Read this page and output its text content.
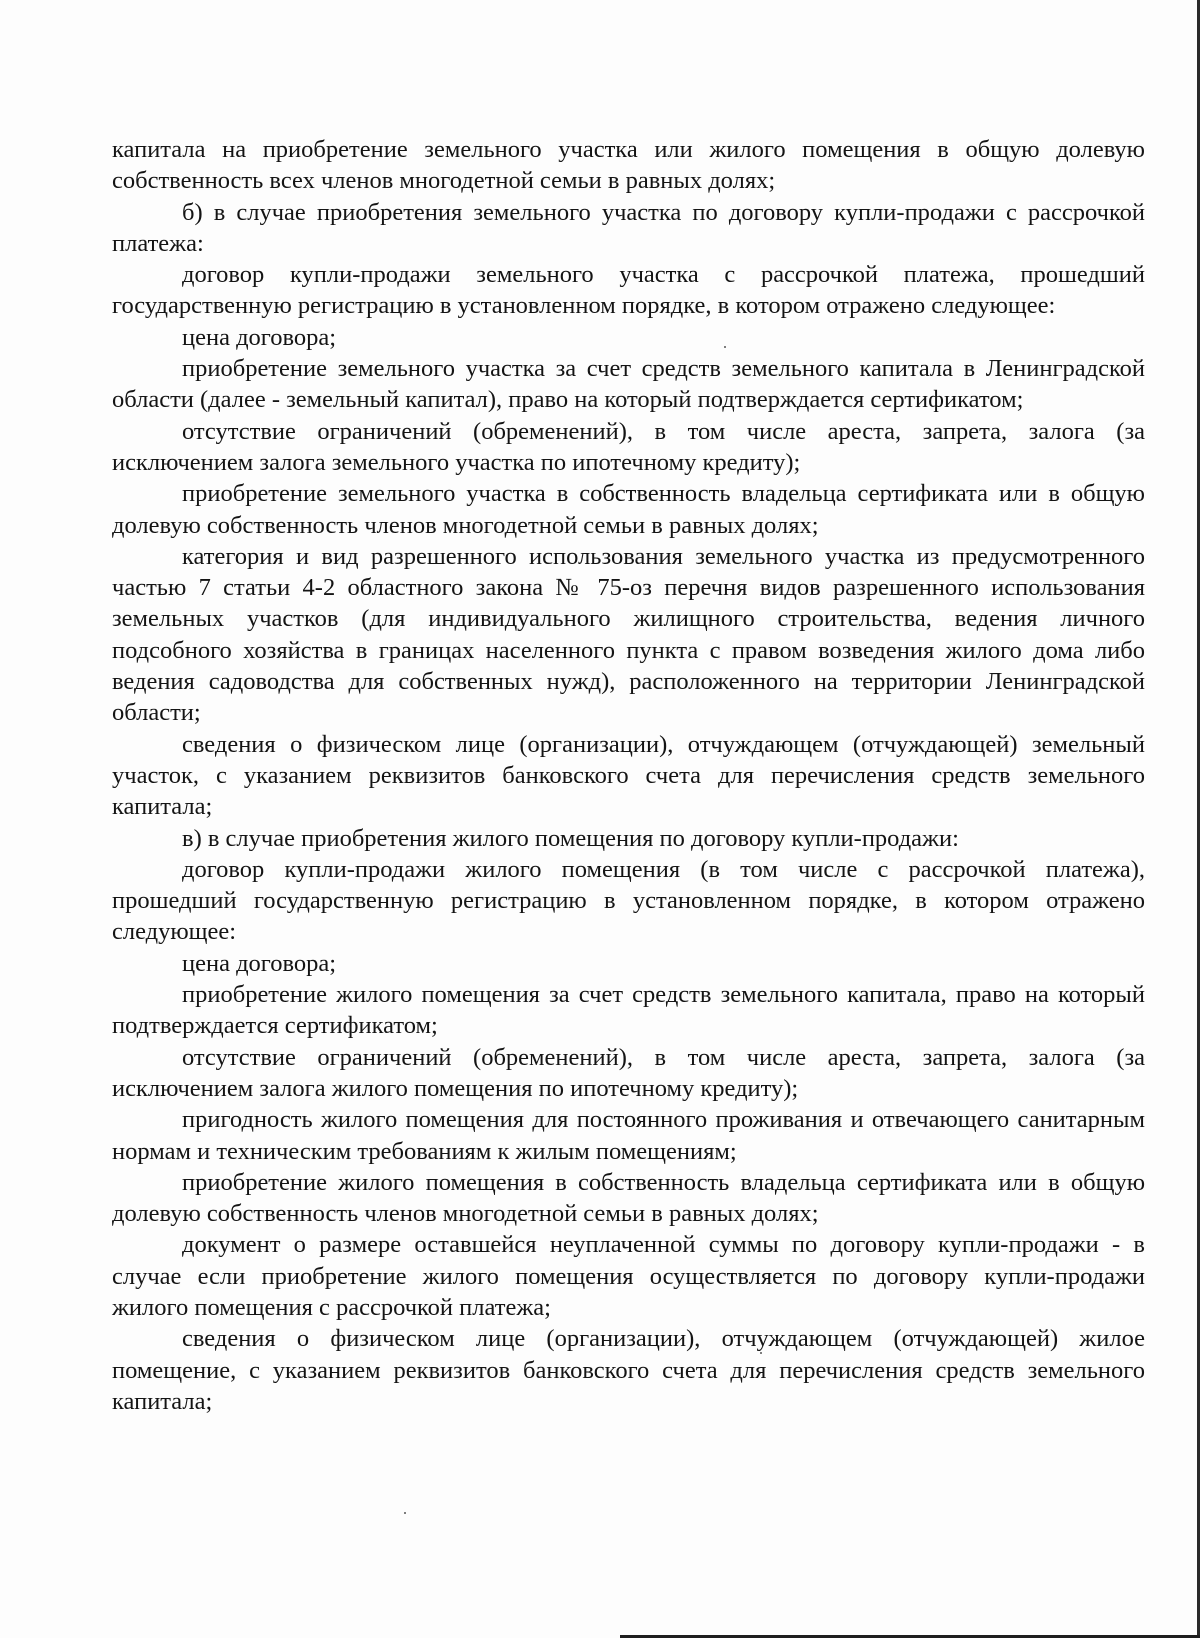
капитала на приобретение земельного участка или жилого помещения в общую долевую собственность всех членов многодетной семьи в равных долях;

б) в случае приобретения земельного участка по договору купли-продажи с рассрочкой платежа:

договор купли-продажи земельного участка с рассрочкой платежа, прошедший государственную регистрацию в установленном порядке, в котором отражено следующее:

цена договора;

приобретение земельного участка за счет средств земельного капитала в Ленинградской области (далее - земельный капитал), право на который подтверждается сертификатом;

отсутствие ограничений (обременений), в том числе ареста, запрета, залога (за исключением залога земельного участка по ипотечному кредиту);

приобретение земельного участка в собственность владельца сертификата или в общую долевую собственность членов многодетной семьи в равных долях;

категория и вид разрешенного использования земельного участка из предусмотренного частью 7 статьи 4-2 областного закона № 75-оз перечня видов разрешенного использования земельных участков (для индивидуального жилищного строительства, ведения личного подсобного хозяйства в границах населенного пункта с правом возведения жилого дома либо ведения садоводства для собственных нужд), расположенного на территории Ленинградской области;

сведения о физическом лице (организации), отчуждающем (отчуждающей) земельный участок, с указанием реквизитов банковского счета для перечисления средств земельного капитала;

в) в случае приобретения жилого помещения по договору купли-продажи:

договор купли-продажи жилого помещения (в том числе с рассрочкой платежа), прошедший государственную регистрацию в установленном порядке, в котором отражено следующее:

цена договора;

приобретение жилого помещения за счет средств земельного капитала, право на который подтверждается сертификатом;

отсутствие ограничений (обременений), в том числе ареста, запрета, залога (за исключением залога жилого помещения по ипотечному кредиту);

пригодность жилого помещения для постоянного проживания и отвечающего санитарным нормам и техническим требованиям к жилым помещениям;

приобретение жилого помещения в собственность владельца сертификата или в общую долевую собственность членов многодетной семьи в равных долях;

документ о размере оставшейся неуплаченной суммы по договору купли-продажи - в случае если приобретение жилого помещения осуществляется по договору купли-продажи жилого помещения с рассрочкой платежа;

сведения о физическом лице (организации), отчуждающем (отчуждающей) жилое помещение, с указанием реквизитов банковского счета для перечисления средств земельного капитала;
